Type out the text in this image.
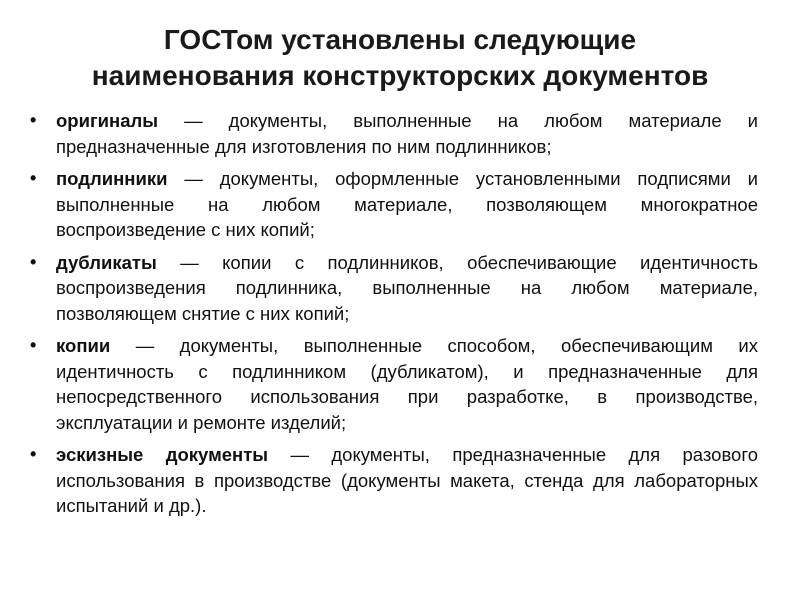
ГОСТом установлены следующие
наименования конструкторских документов
• оригиналы — документы, выполненные на любом материале и предназначенные для изготовления по ним подлинников;
• подлинники — документы, оформленные установленными подписями и выполненные на любом материале, позволяющем многократное воспроизведение с них копий;
• дубликаты — копии с подлинников, обеспечивающие идентичность воспроизведения подлинника, выполненные на любом материале, позволяющем снятие с них копий;
• копии — документы, выполненные способом, обеспечивающим их идентичность с подлинником (дубликатом), и предназначенные для непосредственного использования при разработке, в производстве, эксплуатации и ремонте изделий;
• эскизные документы — документы, предназначенные для разового использования в производстве (документы макета, стенда для лабораторных испытаний и др.).
